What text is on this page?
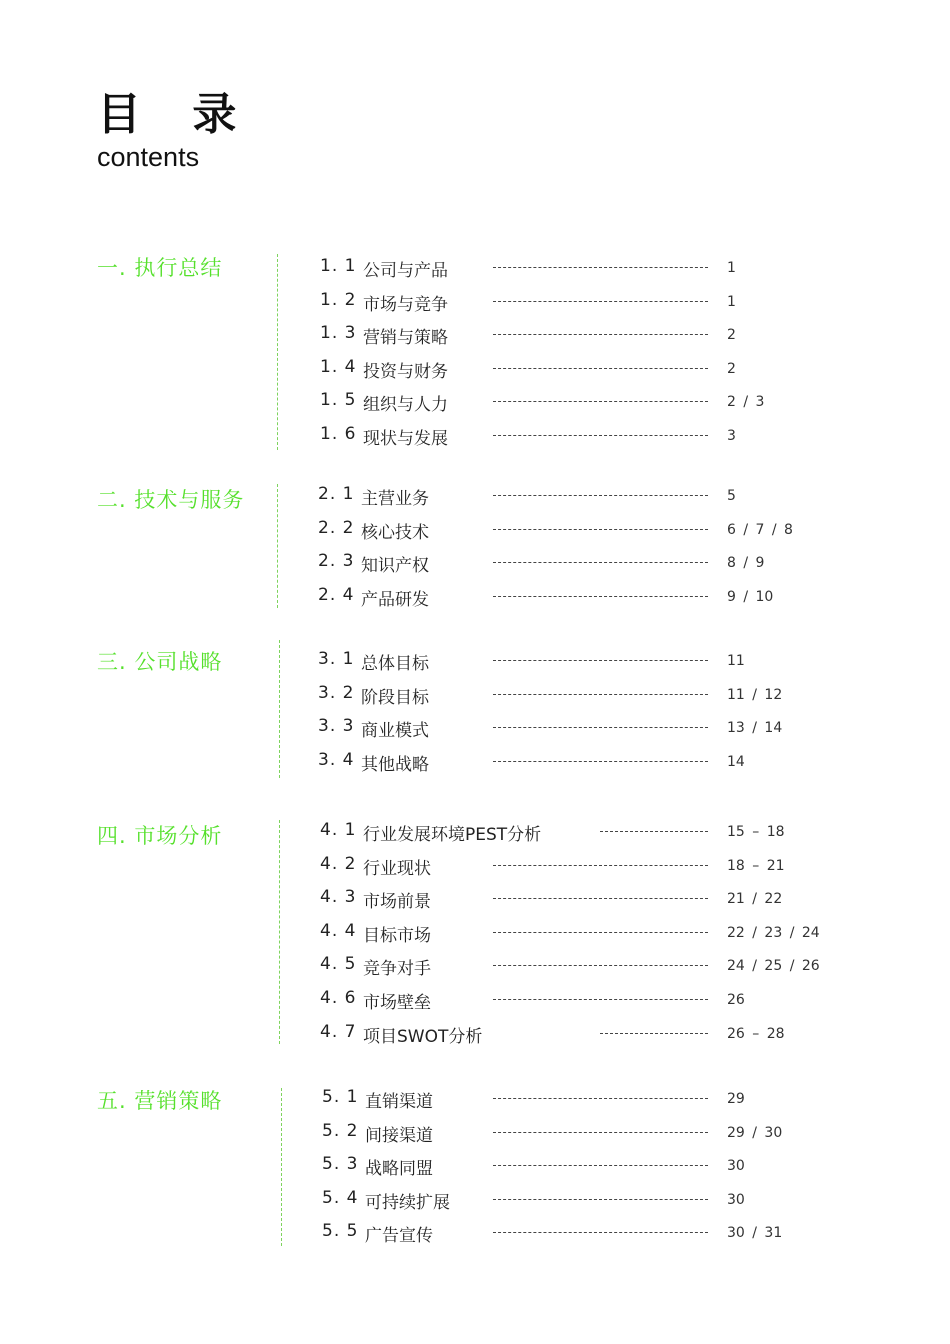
目 录
contents
一. 执行总结	1. 1 公司与产品	1
1. 2 市场与竞争	1
1. 3 营销与策略	2
1. 4 投资与财务	2
1. 5 组织与人力	2 / 3
1. 6 现状与发展	3
二. 技术与服务	2. 1 主营业务	5
2. 2 核心技术	6 / 7 / 8
2. 3 知识产权	8 / 9
2. 4 产品研发	9 / 10
三. 公司战略	3. 1 总体目标	11
3. 2 阶段目标	11 / 12
3. 3 商业模式	13 / 14
3. 4 其他战略	14
四. 市场分析	4. 1 行业发展环境PEST分析	15 – 18
4. 2 行业现状	18 – 21
4. 3 市场前景	21 / 22
4. 4 目标市场	22 / 23 / 24
4. 5 竞争对手	24 / 25 / 26
4. 6 市场壁垒	26
4. 7 项目SWOT分析	26 – 28
五. 营销策略	5. 1 直销渠道	29
5. 2 间接渠道	29 / 30
5. 3 战略同盟	30
5. 4 可持续扩展	30
5. 5 广告宣传	30 / 31
